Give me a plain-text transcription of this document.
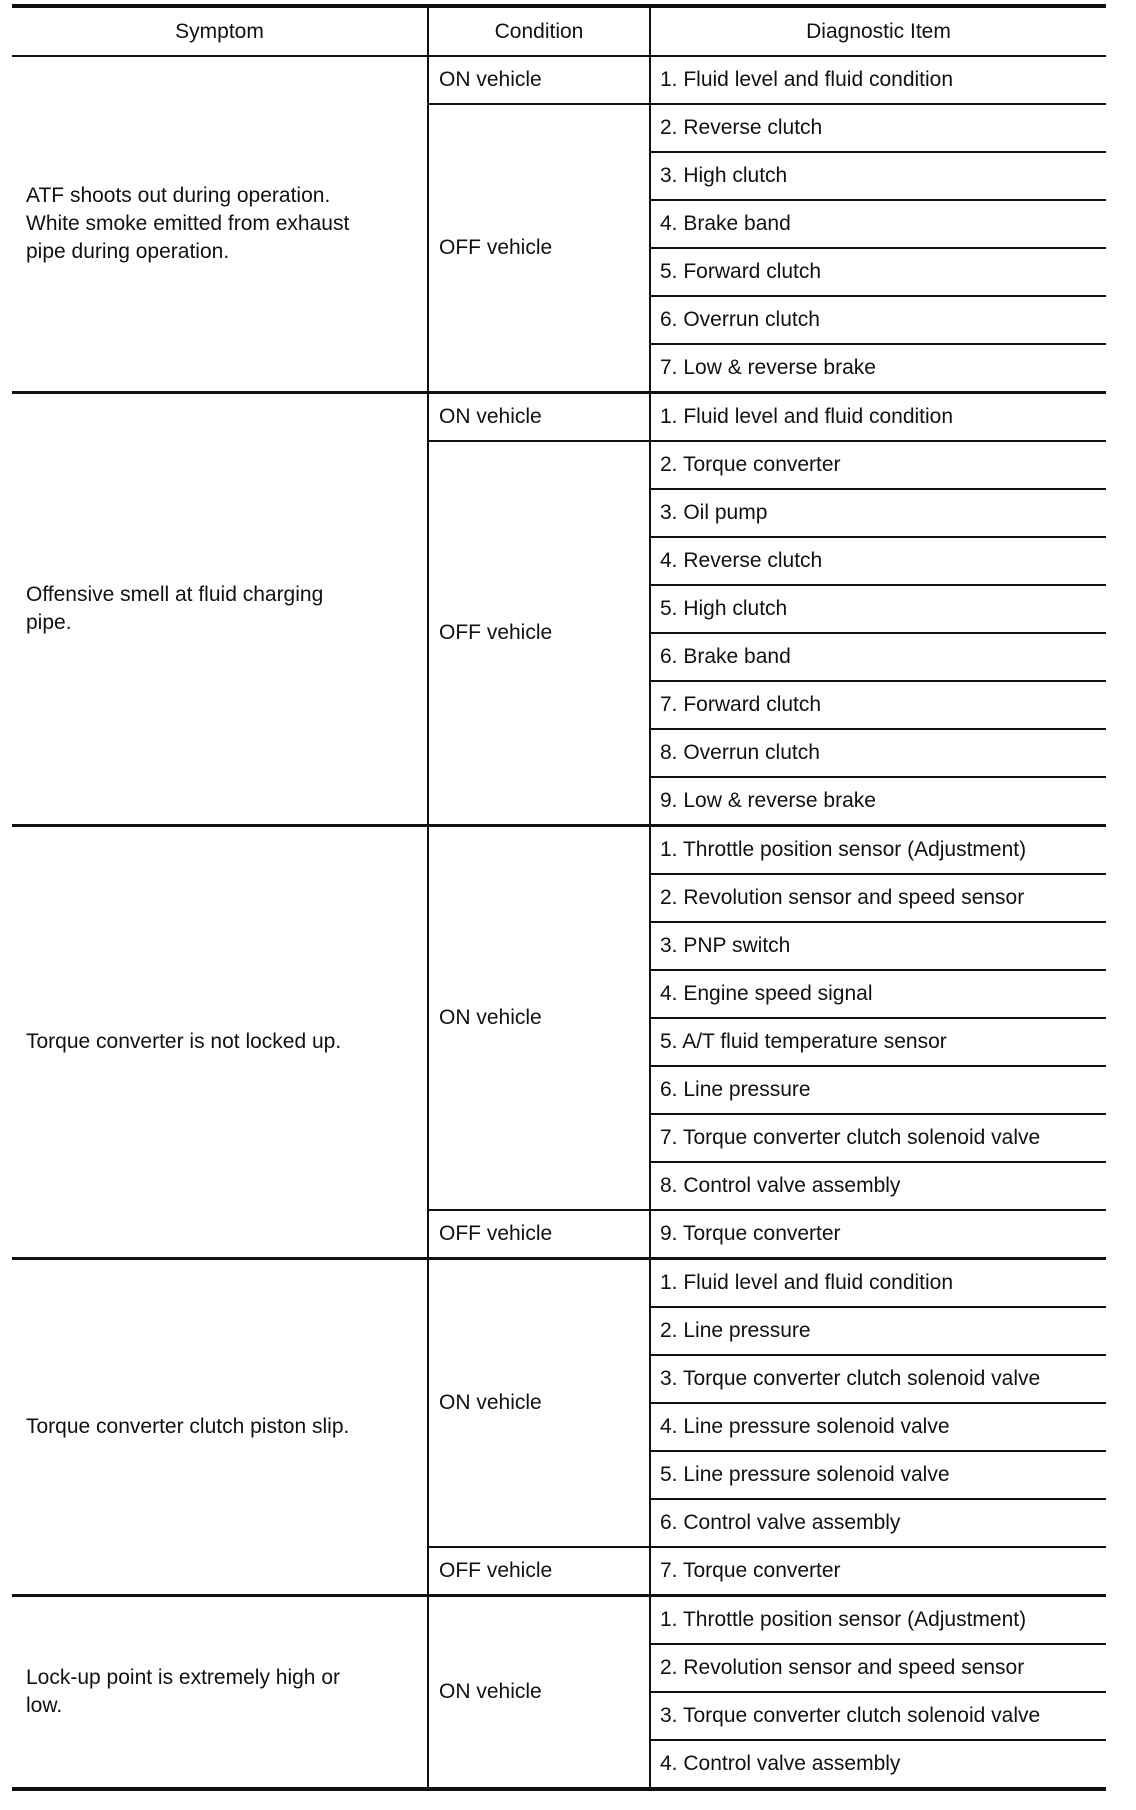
Symptom	Condition	Diagnostic Item

ATF shoots out during operation.
White smoke emitted from exhaust
pipe during operation.	ON vehicle	1. Fluid level and fluid condition
	OFF vehicle	2. Reverse clutch
		3. High clutch
		4. Brake band
		5. Forward clutch
		6. Overrun clutch
		7. Low & reverse brake

Offensive smell at fluid charging
pipe.	ON vehicle	1. Fluid level and fluid condition
	OFF vehicle	2. Torque converter
		3. Oil pump
		4. Reverse clutch
		5. High clutch
		6. Brake band
		7. Forward clutch
		8. Overrun clutch
		9. Low & reverse brake

Torque converter is not locked up.	ON vehicle	1. Throttle position sensor (Adjustment)
		2. Revolution sensor and speed sensor
		3. PNP switch
		4. Engine speed signal
		5. A/T fluid temperature sensor
		6. Line pressure
		7. Torque converter clutch solenoid valve
		8. Control valve assembly
	OFF vehicle	9. Torque converter

Torque converter clutch piston slip.	ON vehicle	1. Fluid level and fluid condition
		2. Line pressure
		3. Torque converter clutch solenoid valve
		4. Line pressure solenoid valve
		5. Line pressure solenoid valve
		6. Control valve assembly
	OFF vehicle	7. Torque converter

Lock-up point is extremely high or
low.	ON vehicle	1. Throttle position sensor (Adjustment)
		2. Revolution sensor and speed sensor
		3. Torque converter clutch solenoid valve
		4. Control valve assembly
